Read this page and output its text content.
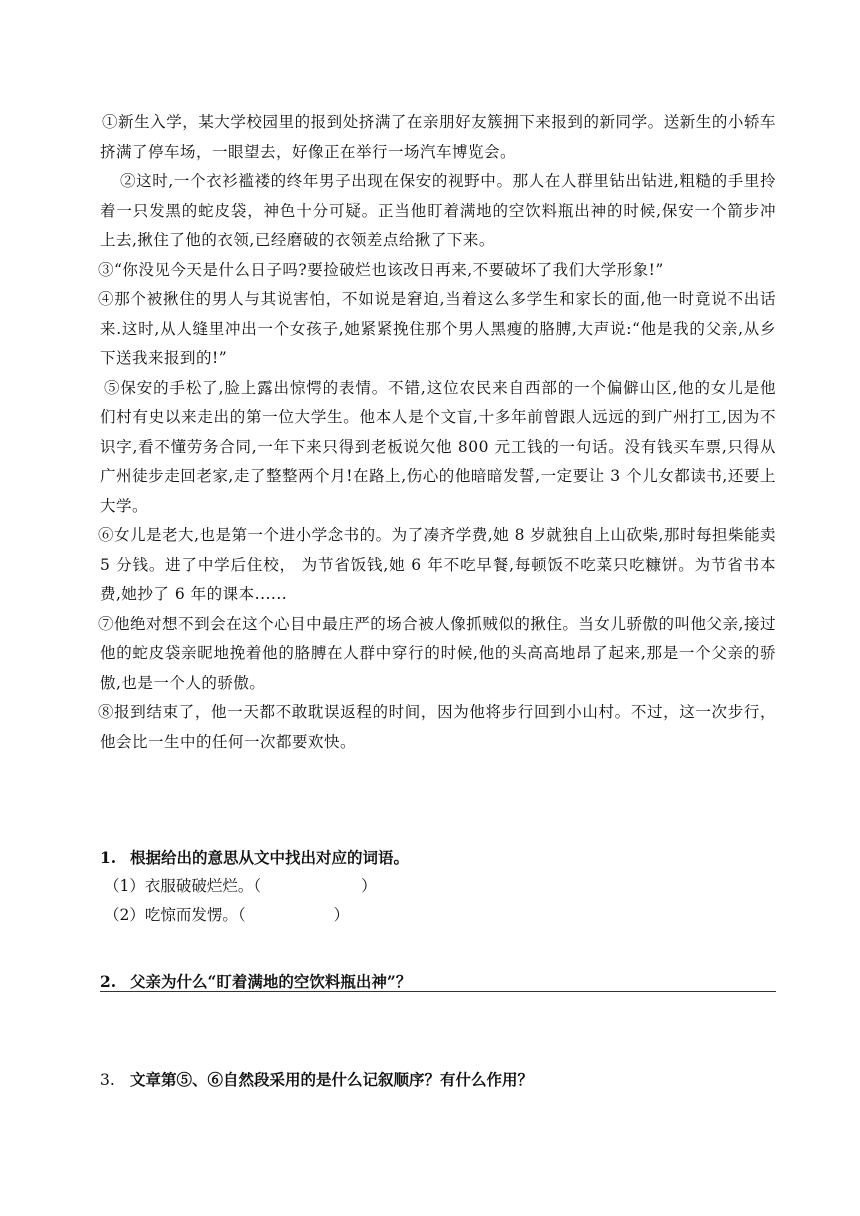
①新生入学，某大学校园里的报到处挤满了在亲朋好友簇拥下来报到的新同学。送新生的小轿车挤满了停车场，一眼望去，好像正在举行一场汽车博览会。

②这时,一个衣衫褴褛的终年男子出现在保安的视野中。那人在人群里钻出钻进,粗糙的手里拎着一只发黑的蛇皮袋，神色十分可疑。正当他盯着满地的空饮料瓶出神的时候,保安一个箭步冲上去,揪住了他的衣领,已经磨破的衣领差点给揪了下来。

③“你没见今天是什么日子吗?要捡破烂也该改日再来,不要破坏了我们大学形象!”

④那个被揪住的男人与其说害怕，不如说是窘迫,当着这么多学生和家长的面,他一时竟说不出话来.这时,从人缝里冲出一个女孩子,她紧紧挽住那个男人黑瘦的胳膊,大声说:“他是我的父亲,从乡下送我来报到的!”

⑤保安的手松了,脸上露出惊愕的表情。不错,这位农民来自西部的一个偏僻山区,他的女儿是他们村有史以来走出的第一位大学生。他本人是个文盲,十多年前曾跟人远远的到广州打工,因为不识字,看不懂劳务合同,一年下来只得到老板说欠他 800 元工钱的一句话。没有钱买车票,只得从广州徒步走回老家,走了整整两个月!在路上,伤心的他暗暗发誓,一定要让 3 个儿女都读书,还要上大学。

⑥女儿是老大,也是第一个进小学念书的。为了凑齐学费,她 8 岁就独自上山砍柴,那时每担柴能卖 5 分钱。进了中学后住校， 为节省饭钱,她 6 年不吃早餐,每顿饭不吃菜只吃糠饼。为节省书本费,她抄了 6 年的课本......

⑦他绝对想不到会在这个心目中最庄严的场合被人像抓贼似的揪住。当女儿骄傲的叫他父亲,接过他的蛇皮袋亲昵地挽着他的胳膊在人群中穿行的时候,他的头高高地昂了起来,那是一个父亲的骄傲,也是一个人的骄傲。

⑧报到结束了，他一天都不敢耽误返程的时间，因为他将步行回到小山村。不过，这一次步行，他会比一生中的任何一次都要欢快。

1. 根据给出的意思从文中找出对应的词语。
（1）衣服破破烂烂。（	）
（2）吃惊而发愣。（	）
2. 父亲为什么“盯着满地的空饮料瓶出神”？
3. 文章第⑤、⑥自然段采用的是什么记叙顺序？有什么作用？
